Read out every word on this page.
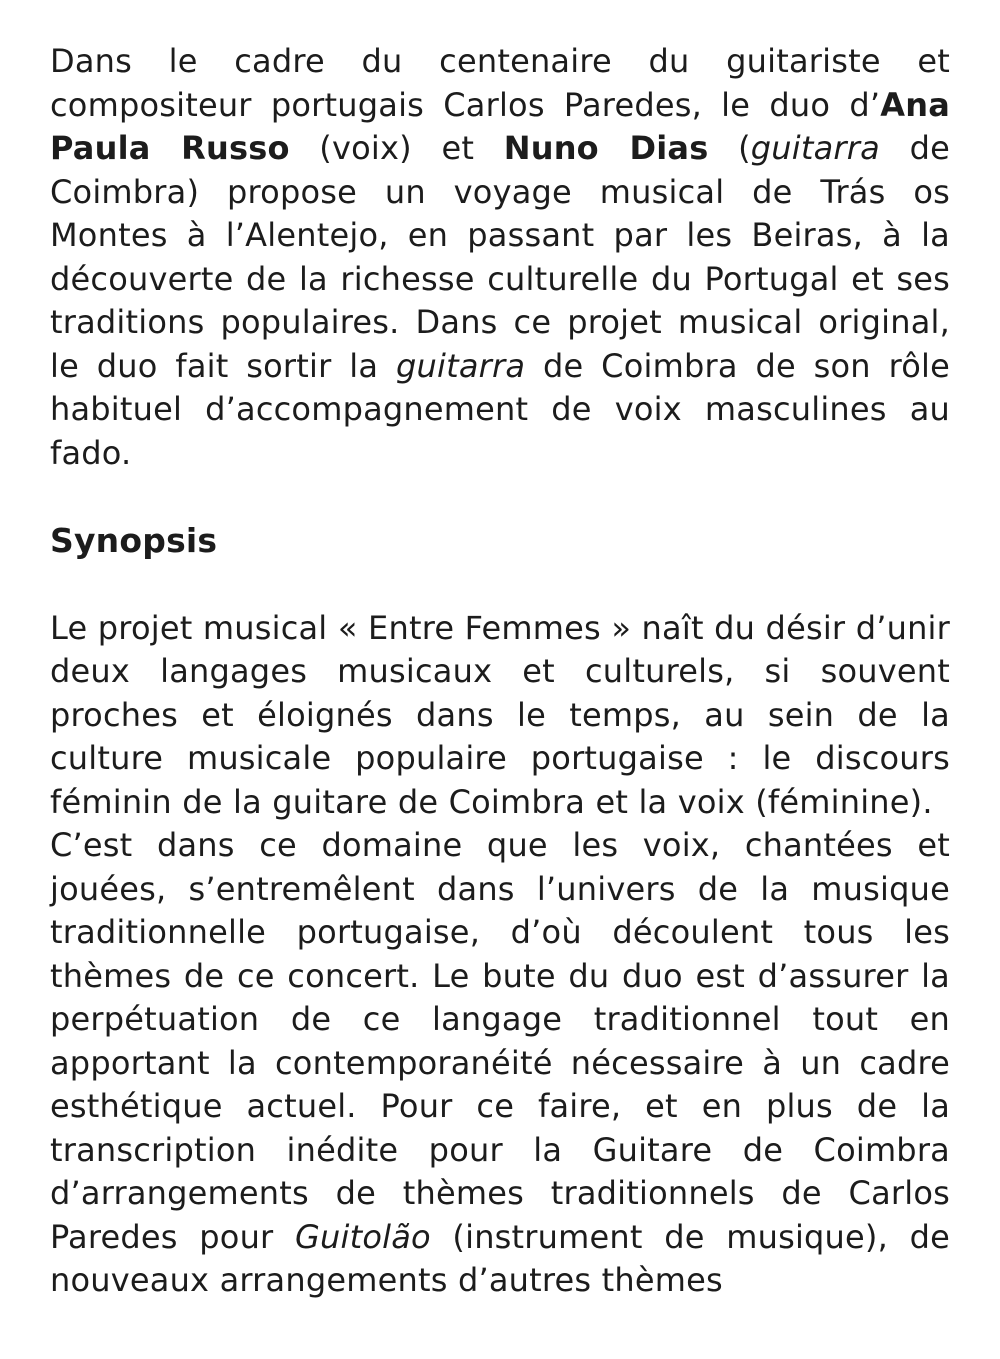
Dans le cadre du centenaire du guitariste et compositeur portugais Carlos Paredes, le duo d’Ana Paula Russo (voix) et Nuno Dias (guitarra de Coimbra) propose un voyage musical de Trás os Montes à l’Alentejo, en passant par les Beiras, à la découverte de la richesse culturelle du Portugal et ses traditions populaires. Dans ce projet musical original, le duo fait sortir la guitarra de Coimbra de son rôle habituel d’accompagnement de voix masculines au fado.

Synopsis

Le projet musical « Entre Femmes » naît du désir d’unir deux langages musicaux et culturels, si souvent proches et éloignés dans le temps, au sein de la culture musicale populaire portugaise : le discours féminin de la guitare de Coimbra et la voix (féminine).

C’est dans ce domaine que les voix, chantées et jouées, s’entremêlent dans l’univers de la musique traditionnelle portugaise, d’où découlent tous les thèmes de ce concert. Le bute du duo est d’assurer la perpétuation de ce langage traditionnel tout en apportant la contemporanéité nécessaire à un cadre esthétique actuel. Pour ce faire, et en plus de la transcription inédite pour la Guitare de Coimbra d’arrangements de thèmes traditionnels de Carlos Paredes pour Guitolão (instrument de musique), de nouveaux arrangements d’autres thèmes
